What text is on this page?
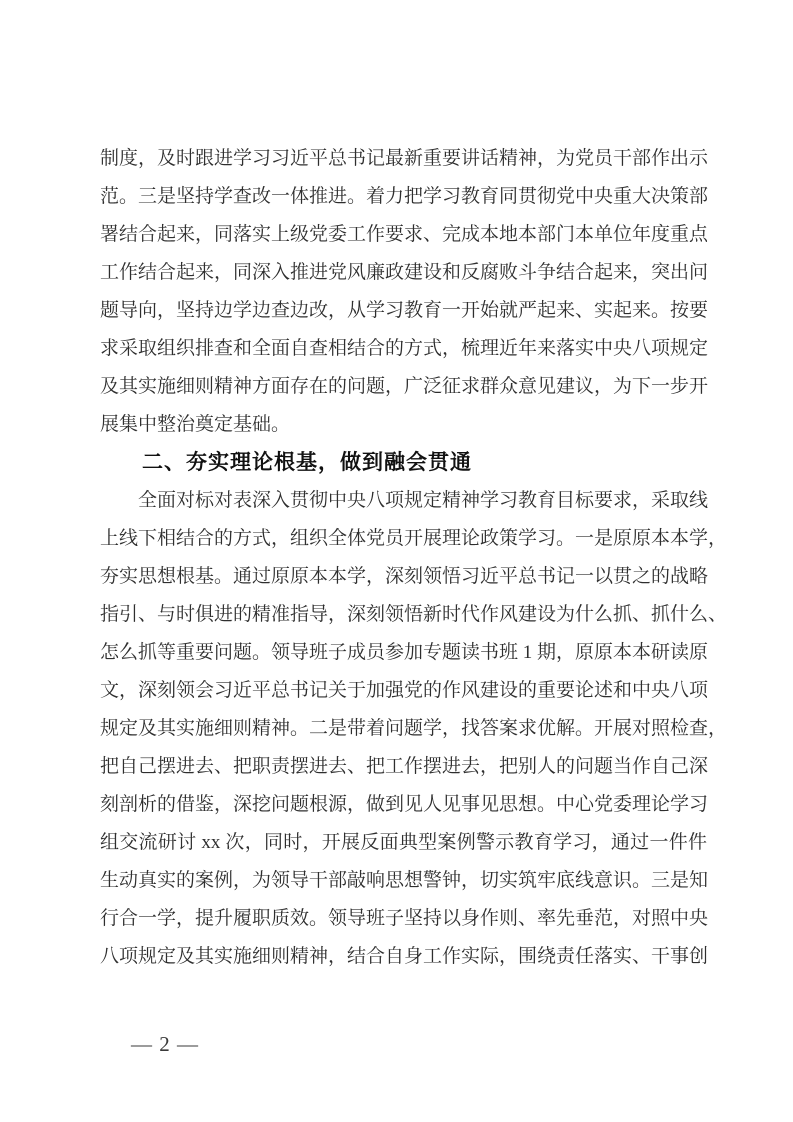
制度，及时跟进学习习近平总书记最新重要讲话精神，为党员干部作出示
范。三是坚持学查改一体推进。着力把学习教育同贯彻党中央重大决策部
署结合起来，同落实上级党委工作要求、完成本地本部门本单位年度重点
工作结合起来，同深入推进党风廉政建设和反腐败斗争结合起来，突出问
题导向，坚持边学边查边改，从学习教育一开始就严起来、实起来。按要
求采取组织排查和全面自查相结合的方式，梳理近年来落实中央八项规定
及其实施细则精神方面存在的问题，广泛征求群众意见建议，为下一步开
展集中整治奠定基础。
二、夯实理论根基，做到融会贯通
全面对标对表深入贯彻中央八项规定精神学习教育目标要求，采取线
上线下相结合的方式，组织全体党员开展理论政策学习。一是原原本本学，
夯实思想根基。通过原原本本学，深刻领悟习近平总书记一以贯之的战略
指引、与时俱进的精准指导，深刻领悟新时代作风建设为什么抓、抓什么、
怎么抓等重要问题。领导班子成员参加专题读书班 1 期，原原本本研读原
文，深刻领会习近平总书记关于加强党的作风建设的重要论述和中央八项
规定及其实施细则精神。二是带着问题学，找答案求优解。开展对照检查，
把自己摆进去、把职责摆进去、把工作摆进去，把别人的问题当作自己深
刻剖析的借鉴，深挖问题根源，做到见人见事见思想。中心党委理论学习
组交流研讨 xx 次，同时，开展反面典型案例警示教育学习，通过一件件
生动真实的案例，为领导干部敲响思想警钟，切实筑牢底线意识。三是知
行合一学，提升履职质效。领导班子坚持以身作则、率先垂范，对照中央
八项规定及其实施细则精神，结合自身工作实际，围绕责任落实、干事创
— 2 —
